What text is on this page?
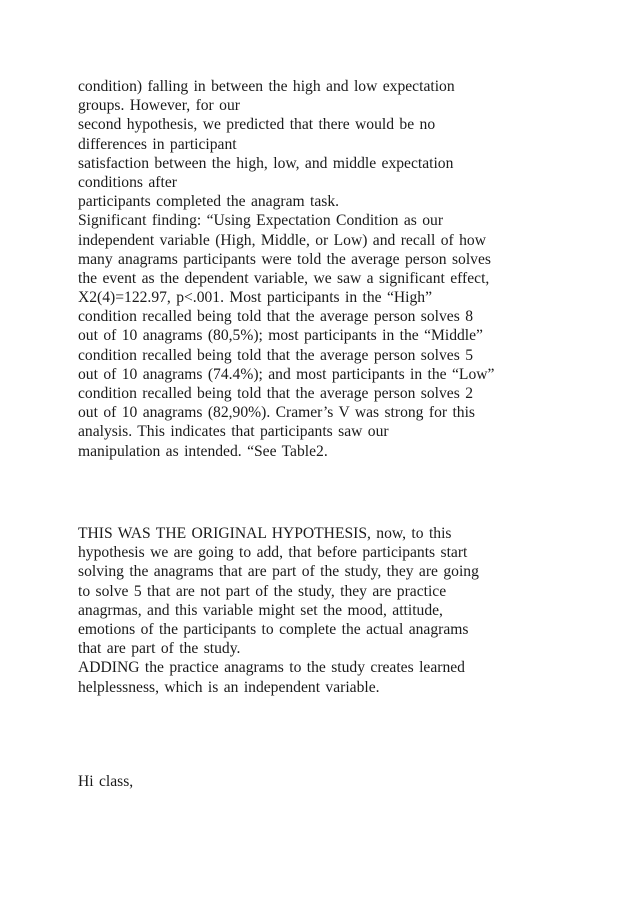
condition) falling in between the high and low expectation
groups. However, for our
second hypothesis, we predicted that there would be no
differences in participant
satisfaction between the high, low, and middle expectation
conditions after
participants completed the anagram task.
Significant finding: “Using Expectation Condition as our
independent variable (High, Middle, or Low) and recall of how
many anagrams participants were told the average person solves
the event as the dependent variable, we saw a significant effect,
X2(4)=122.97, p<.001. Most participants in the “High”
condition recalled being told that the average person solves 8
out of 10 anagrams (80,5%); most participants in the “Middle”
condition recalled being told that the average person solves 5
out of 10 anagrams (74.4%); and most participants in the “Low”
condition recalled being told that the average person solves 2
out of 10 anagrams (82,90%). Cramer’s V was strong for this
analysis. This indicates that participants saw our
manipulation as intended. “See Table2.
THIS WAS THE ORIGINAL HYPOTHESIS, now, to this
hypothesis we are going to add, that before participants start
solving the anagrams that are part of the study, they are going
to solve 5 that are not part of the study, they are practice
anagrmas, and this variable might set the mood, attitude,
emotions of the participants to complete the actual anagrams
that are part of the study.
ADDING the practice anagrams to the study creates learned
helplessness, which is an independent variable.
Hi class,
